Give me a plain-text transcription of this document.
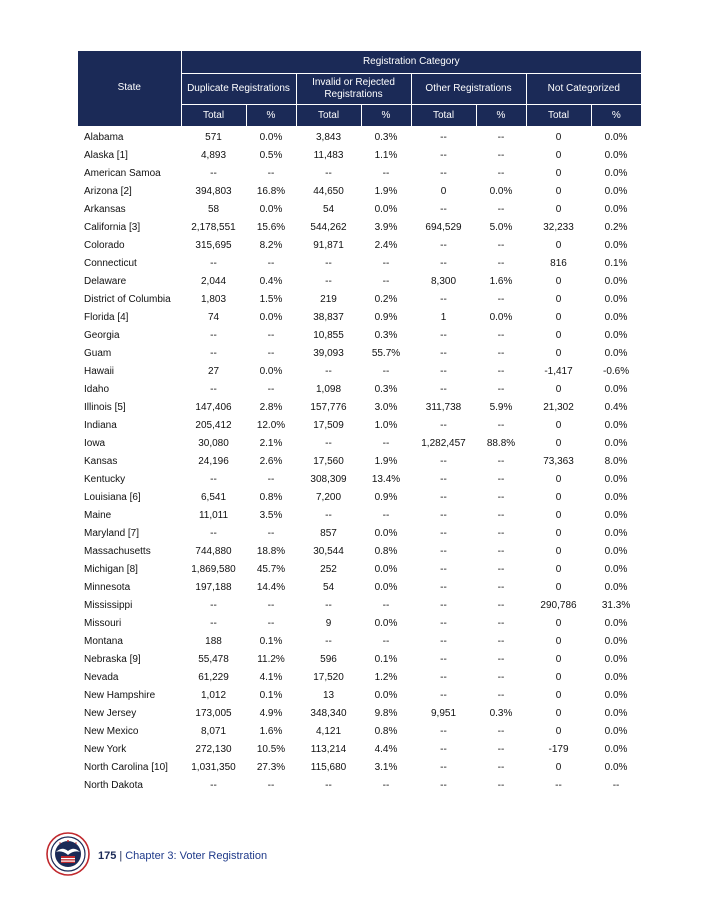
State	Registration Category							
	Duplicate Registrations		Invalid or Rejected Registrations		Other Registrations		Not Categorized	
	Total	%	Total	%	Total	%	Total	%
Alabama	571	0.0%	3,843	0.3%	--	--	0	0.0%
Alaska [1]	4,893	0.5%	11,483	1.1%	--	--	0	0.0%
American Samoa	--	--	--	--	--	--	0	0.0%
Arizona [2]	394,803	16.8%	44,650	1.9%	0	0.0%	0	0.0%
Arkansas	58	0.0%	54	0.0%	--	--	0	0.0%
California [3]	2,178,551	15.6%	544,262	3.9%	694,529	5.0%	32,233	0.2%
Colorado	315,695	8.2%	91,871	2.4%	--	--	0	0.0%
Connecticut	--	--	--	--	--	--	816	0.1%
Delaware	2,044	0.4%	--	--	8,300	1.6%	0	0.0%
District of Columbia	1,803	1.5%	219	0.2%	--	--	0	0.0%
Florida [4]	74	0.0%	38,837	0.9%	1	0.0%	0	0.0%
Georgia	--	--	10,855	0.3%	--	--	0	0.0%
Guam	--	--	39,093	55.7%	--	--	0	0.0%
Hawaii	27	0.0%	--	--	--	--	-1,417	-0.6%
Idaho	--	--	1,098	0.3%	--	--	0	0.0%
Illinois [5]	147,406	2.8%	157,776	3.0%	311,738	5.9%	21,302	0.4%
Indiana	205,412	12.0%	17,509	1.0%	--	--	0	0.0%
Iowa	30,080	2.1%	--	--	1,282,457	88.8%	0	0.0%
Kansas	24,196	2.6%	17,560	1.9%	--	--	73,363	8.0%
Kentucky	--	--	308,309	13.4%	--	--	0	0.0%
Louisiana [6]	6,541	0.8%	7,200	0.9%	--	--	0	0.0%
Maine	11,011	3.5%	--	--	--	--	0	0.0%
Maryland [7]	--	--	857	0.0%	--	--	0	0.0%
Massachusetts	744,880	18.8%	30,544	0.8%	--	--	0	0.0%
Michigan [8]	1,869,580	45.7%	252	0.0%	--	--	0	0.0%
Minnesota	197,188	14.4%	54	0.0%	--	--	0	0.0%
Mississippi	--	--	--	--	--	--	290,786	31.3%
Missouri	--	--	9	0.0%	--	--	0	0.0%
Montana	188	0.1%	--	--	--	--	0	0.0%
Nebraska [9]	55,478	11.2%	596	0.1%	--	--	0	0.0%
Nevada	61,229	4.1%	17,520	1.2%	--	--	0	0.0%
New Hampshire	1,012	0.1%	13	0.0%	--	--	0	0.0%
New Jersey	173,005	4.9%	348,340	9.8%	9,951	0.3%	0	0.0%
New Mexico	8,071	1.6%	4,121	0.8%	--	--	0	0.0%
New York	272,130	10.5%	113,214	4.4%	--	--	-179	0.0%
North Carolina [10]	1,031,350	27.3%	115,680	3.1%	--	--	0	0.0%
North Dakota	--	--	--	--	--	--	--	--
175 | Chapter 3: Voter Registration
